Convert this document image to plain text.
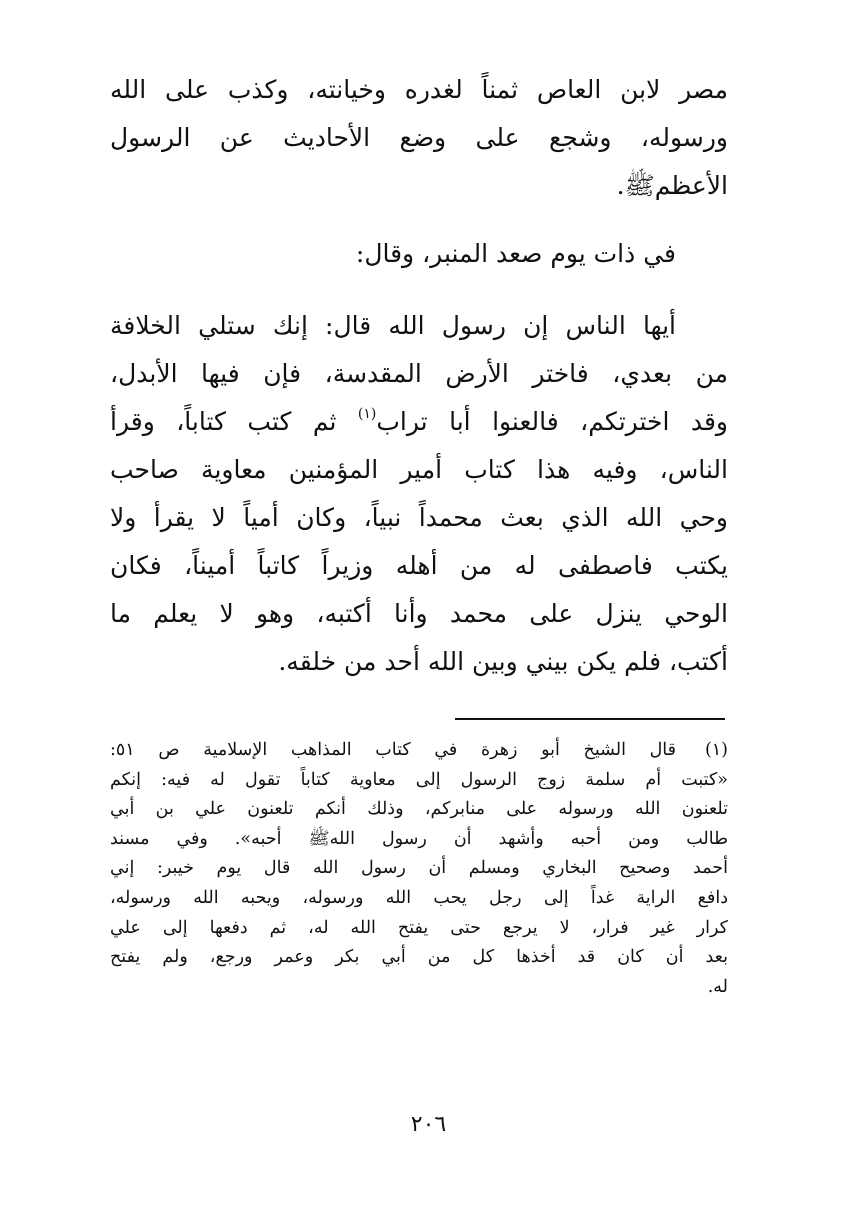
مصر لابن العاص ثمناً لغدره وخيانته، وكذب على الله
ورسوله، وشجع على وضع الأحاديث عن الرسول
الأعظمﷺ.
في ذات يوم صعد المنبر، وقال:
أيها الناس إن رسول الله قال: إنك ستلي الخلافة
من بعدي، فاختر الأرض المقدسة، فإن فيها الأبدل،
وقد اخترتكم، فالعنوا أبا تراب$^{(١)}$ ثم كتب كتاباً، وقرأ
الناس، وفيه هذا كتاب أمير المؤمنين معاوية صاحب
وحي الله الذي بعث محمداً نبياً، وكان أمياً لا يقرأ ولا
يكتب فاصطفى له من أهله وزيراً كاتباً أميناً، فكان
الوحي ينزل على محمد وأنا أكتبه، وهو لا يعلم ما
أكتب، فلم يكن بيني وبين الله أحد من خلقه.
(١)
قال الشيخ أبو زهرة في كتاب المذاهب الإسلامية ص ٥١:
«كتبت أم سلمة زوج الرسول إلى معاوية كتاباً تقول له فيه: إنكم
تلعنون الله ورسوله على منابركم، وذلك أنكم تلعنون علي بن أبي
طالب ومن أحبه وأشهد أن رسول اللهﷺ أحبه». وفي مسند
أحمد وصحيح البخاري ومسلم أن رسول الله قال يوم خيبر: إني
دافع الراية غداً إلى رجل يحب الله ورسوله، ويحبه الله ورسوله،
كرار غير فرار، لا يرجع حتى يفتح الله له، ثم دفعها إلى علي
بعد أن كان قد أخذها كل من أبي بكر وعمر ورجع، ولم يفتح
له.
٢٠٦
